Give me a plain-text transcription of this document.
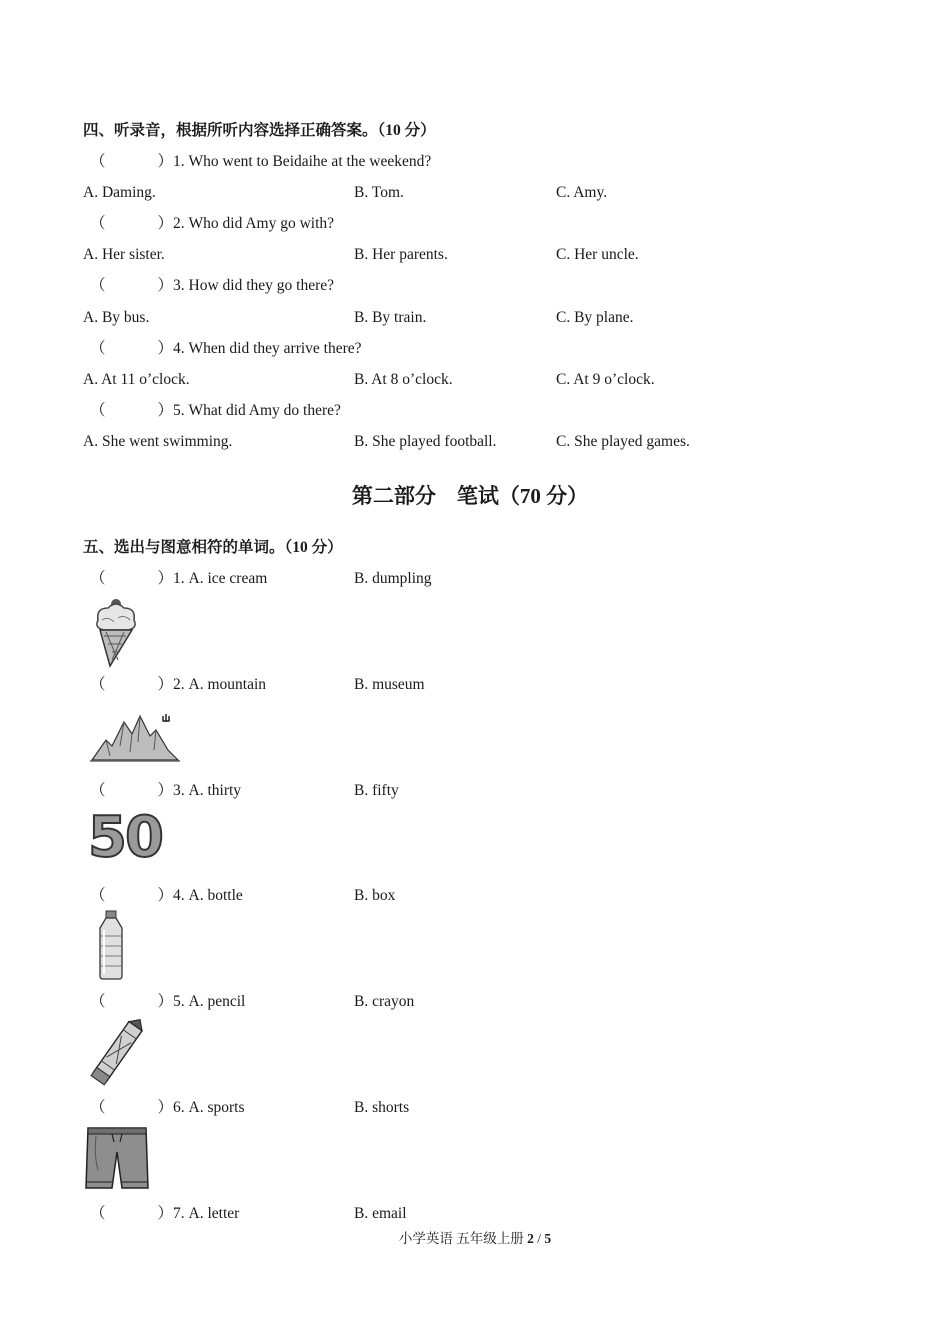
四、听录音，根据所听内容选择正确答案。（10 分）
（	）1. Who went to Beidaihe at the weekend?
A. Daming.	B. Tom.	C. Amy.
（	）2. Who did Amy go with?
A. Her sister.	B. Her parents.	C. Her uncle.
（	）3. How did they go there?
A. By bus.	B. By train.	C. By plane.
（	）4. When did they arrive there?
A. At 11 o’clock.	B. At 8 o’clock.	C. At 9 o’clock.
（	）5. What did Amy do there?
A. She went swimming.	B. She played football.	C. She played games.
第二部分　笔试（70 分）
五、选出与图意相符的单词。（10 分）
（	）1. A. ice cream	B. dumpling
（	）2. A. mountain	B. museum
（	）3. A. thirty	B. fifty
50
（	）4. A. bottle	B. box
（	）5. A. pencil	B. crayon
（	）6. A. sports	B. shorts
（	）7. A. letter	B. email
小学英语 五年级上册 2 / 5
